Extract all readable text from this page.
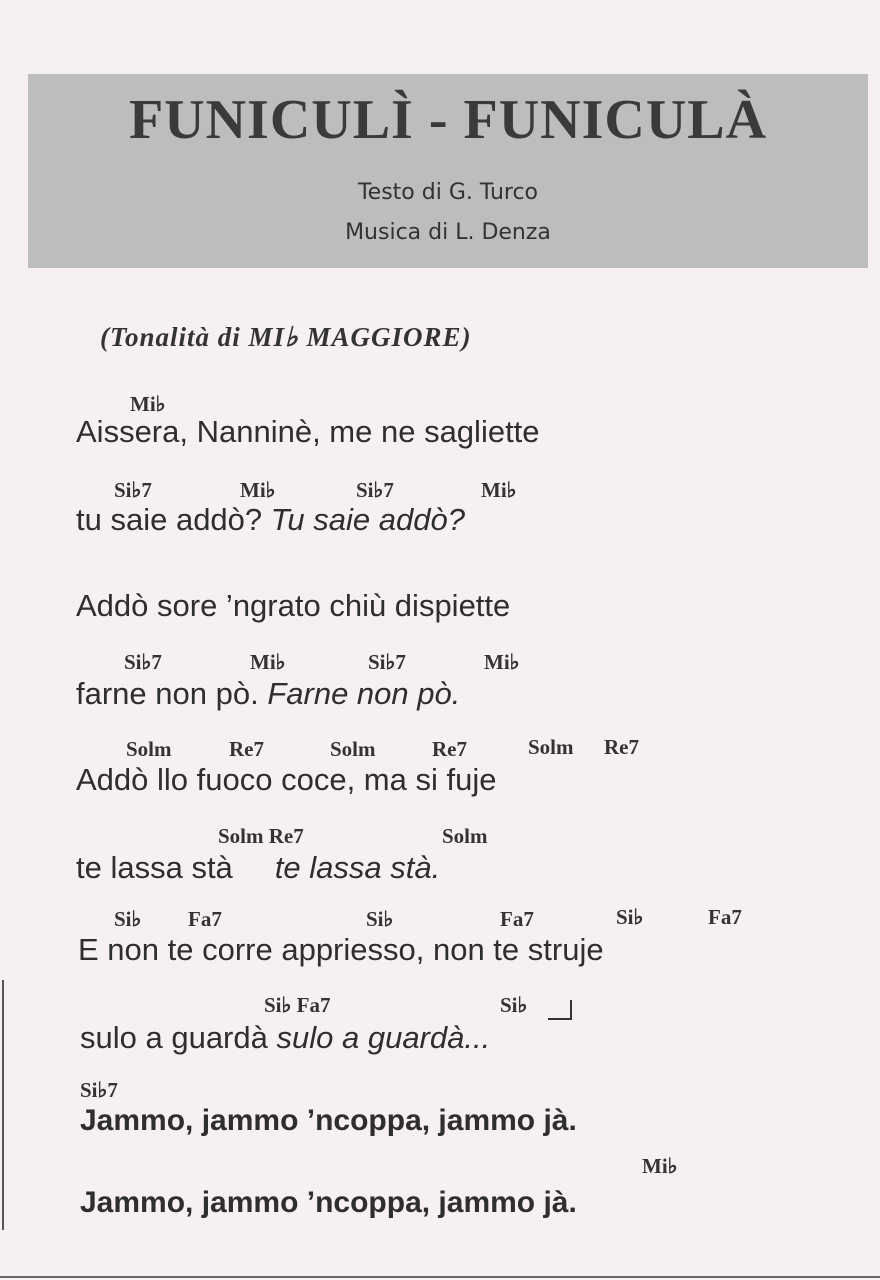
FUNICULÌ - FUNICULÀ
Testo di G. Turco
Musica di L. Denza
(Tonalità di MI♭ MAGGIORE)
Mi♭
Aissera, Nanninè, me ne sagliette
Si♭7	Mi♭	Si♭7	Mi♭
tu saie addò? Tu saie addò?
Addò sore ’ngrato chiù dispiette
Si♭7	Mi♭	Si♭7	Mi♭
farne non pò. Farne non pò.
Solm	Re7	Solm	Re7	Solm Re7
Addò llo fuoco coce, ma si fuje
Solm Re7	Solm
te lassa stà te lassa stà.
Si♭ Fa7	Si♭	Fa7	Si♭	Fa7
E non te corre appriesso, non te struje
Si♭ Fa7	Si♭
sulo a guardà sulo a guardà...
Si♭7
Jammo, jammo ’ncoppa, jammo jà.
Mi♭
Jammo, jammo ’ncoppa, jammo jà.
